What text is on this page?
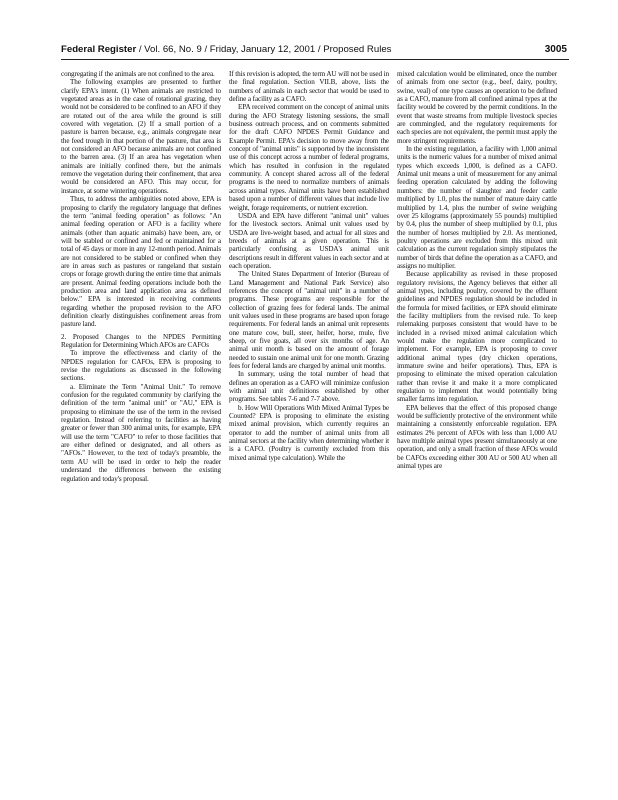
Federal Register / Vol. 66, No. 9 / Friday, January 12, 2001 / Proposed Rules	3005

congregating if the animals are not confined to the area.

The following examples are presented to further clarify EPA's intent. (1) When animals are restricted to vegetated areas as in the case of rotational grazing, they would not be considered to be confined to an AFO if they are rotated out of the area while the ground is still covered with vegetation. (2) If a small portion of a pasture is barren because, e.g., animals congregate near the feed trough in that portion of the pasture, that area is not considered an AFO because animals are not confined to the barren area. (3) If an area has vegetation when animals are initially confined there, but the animals remove the vegetation during their confinement, that area would be considered an AFO. This may occur, for instance, at some wintering operations.

Thus, to address the ambiguities noted above, EPA is proposing to clarify the regulatory language that defines the term "animal feeding operation" as follows: "An animal feeding operation or AFO is a facility where animals (other than aquatic animals) have been, are, or will be stabled or confined and fed or maintained for a total of 45 days or more in any 12-month period. Animals are not considered to be stabled or confined when they are in areas such as pastures or rangeland that sustain crops or forage growth during the entire time that animals are present. Animal feeding operations include both the production area and land application area as defined below." EPA is interested in receiving comments regarding whether the proposed revision to the AFO definition clearly distinguishes confinement areas from pasture land.

2. Proposed Changes to the NPDES Permitting Regulation for Determining Which AFOs are CAFOs

To improve the effectiveness and clarity of the NPDES regulation for CAFOs, EPA is proposing to revise the regulations as discussed in the following sections.

a. Eliminate the Term "Animal Unit." To remove confusion for the regulated community by clarifying the definition of the term "animal unit" or "AU," EPA is proposing to eliminate the use of the term in the revised regulation. Instead of referring to facilities as having greater or fewer than 300 animal units, for example, EPA will use the term "CAFO" to refer to those facilities that are either defined or designated, and all others as "AFOs." However, to the text of today's preamble, the term AU will be used in order to help the reader understand the differences between the existing regulation and today's proposal.

If this revision is adopted, the term AU will not be used in the final regulation. Section VII.B, above, lists the numbers of animals in each sector that would be used to define a facility as a CAFO.

EPA received comment on the concept of animal units during the AFO Strategy listening sessions, the small business outreach process, and on comments submitted for the draft CAFO NPDES Permit Guidance and Example Permit. EPA's decision to move away from the concept of "animal units" is supported by the inconsistent use of this concept across a number of federal programs, which has resulted in confusion in the regulated community. A concept shared across all of the federal programs is the need to normalize numbers of animals across animal types. Animal units have been established based upon a number of different values that include live weight, forage requirements, or nutrient excretion.

USDA and EPA have different "animal unit" values for the livestock sectors. Animal unit values used by USDA are live-weight based, and actual for all sizes and breeds of animals at a given operation. This is particularly confusing as USDA's animal unit descriptions result in different values in each sector and at each operation.

The United States Department of Interior (Bureau of Land Management and National Park Service) also references the concept of "animal unit" in a number of programs. These programs are responsible for the collection of grazing fees for federal lands. The animal unit values used in these programs are based upon forage requirements. For federal lands an animal unit represents one mature cow, bull, steer, heifer, horse, mule, five sheep, or five goats, all over six months of age. An animal unit month is based on the amount of forage needed to sustain one animal unit for one month. Grazing fees for federal lands are charged by animal unit months.

In summary, using the total number of head that defines an operation as a CAFO will minimize confusion with animal unit definitions established by other programs. See tables 7-6 and 7-7 above.

b. How Will Operations With Mixed Animal Types be Counted? EPA is proposing to eliminate the existing mixed animal provision, which currently requires an operator to add the number of animal units from all animal sectors at the facility when determining whether it is a CAFO. (Poultry is currently excluded from this mixed animal type calculation). While the

mixed calculation would be eliminated, once the number of animals from one sector (e.g., beef, dairy, poultry, swine, veal) of one type causes an operation to be defined as a CAFO, manure from all confined animal types at the facility would be covered by the permit conditions. In the event that waste streams from multiple livestock species are commingled, and the regulatory requirements for each species are not equivalent, the permit must apply the more stringent requirements.

In the existing regulation, a facility with 1,000 animal units is the numeric values for a number of mixed animal types which exceeds 1,000, is defined as a CAFO. Animal unit means a unit of measurement for any animal feeding operation calculated by adding the following numbers: the number of slaughter and feeder cattle multiplied by 1.0, plus the number of mature dairy cattle multiplied by 1.4, plus the number of swine weighing over 25 kilograms (approximately 55 pounds) multiplied by 0.4, plus the number of sheep multiplied by 0.1, plus the number of horses multiplied by 2.0. As mentioned, poultry operations are excluded from this mixed unit calculation as the current regulation simply stipulates the number of birds that define the operation as a CAFO, and assigns no multiplier.

Because applicability as revised in these proposed regulatory revisions, the Agency believes that either all animal types, including poultry, covered by the effluent guidelines and NPDES regulation should be included in the formula for mixed facilities, or EPA should eliminate the facility multipliers from the revised rule. To keep rulemaking purposes consistent that would have to be included in a revised mixed animal calculation which would make the regulation more complicated to implement. For example, EPA is proposing to cover additional animal types (dry chicken operations, immature swine and heifer operations). Thus, EPA is proposing to eliminate the mixed operation calculation rather than revise it and make it a more complicated regulation to implement that would potentially bring smaller farms into regulation.

EPA believes that the effect of this proposed change would be sufficiently protective of the environment while maintaining a consistently enforceable regulation. EPA estimates 2% percent of AFOs with less than 1,000 AU have multiple animal types present simultaneously at one operation, and only a small fraction of these AFOs would be CAFOs exceeding either 300 AU or 500 AU when all animal types are
